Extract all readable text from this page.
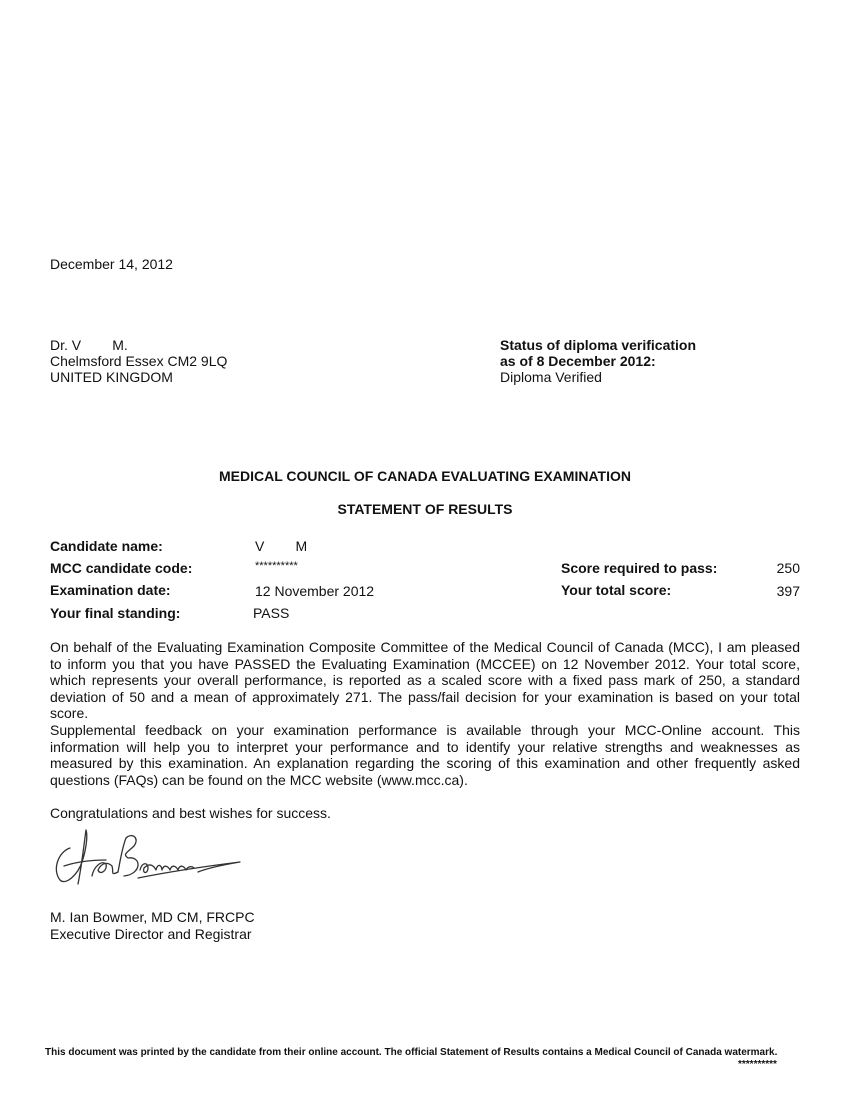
December 14, 2012
Dr. V        M.
Chelmsford Essex CM2 9LQ
UNITED KINGDOM
Status of diploma verification
as of 8 December 2012:
Diploma Verified
MEDICAL COUNCIL OF CANADA EVALUATING EXAMINATION
STATEMENT OF RESULTS
Candidate name:	V        M
MCC candidate code:	**********	Score required to pass:	250
Examination date:	12 November 2012	Your total score:	397
Your final standing:	PASS
On behalf of the Evaluating Examination Composite Committee of the Medical Council of Canada (MCC), I am pleased to inform you that you have PASSED the Evaluating Examination (MCCEE) on 12 November 2012. Your total score, which represents your overall performance, is reported as a scaled score with a fixed pass mark of 250, a standard deviation of 50 and a mean of approximately 271. The pass/fail decision for your examination is based on your total score.
Supplemental feedback on your examination performance is available through your MCC-Online account. This information will help you to interpret your performance and to identify your relative strengths and weaknesses as measured by this examination. An explanation regarding the scoring of this examination and other frequently asked questions (FAQs) can be found on the MCC website (www.mcc.ca).
Congratulations and best wishes for success.
M. Ian Bowmer, MD CM, FRCPC
Executive Director and Registrar
This document was printed by the candidate from their online account. The official Statement of Results contains a Medical Council of Canada watermark.
**********
